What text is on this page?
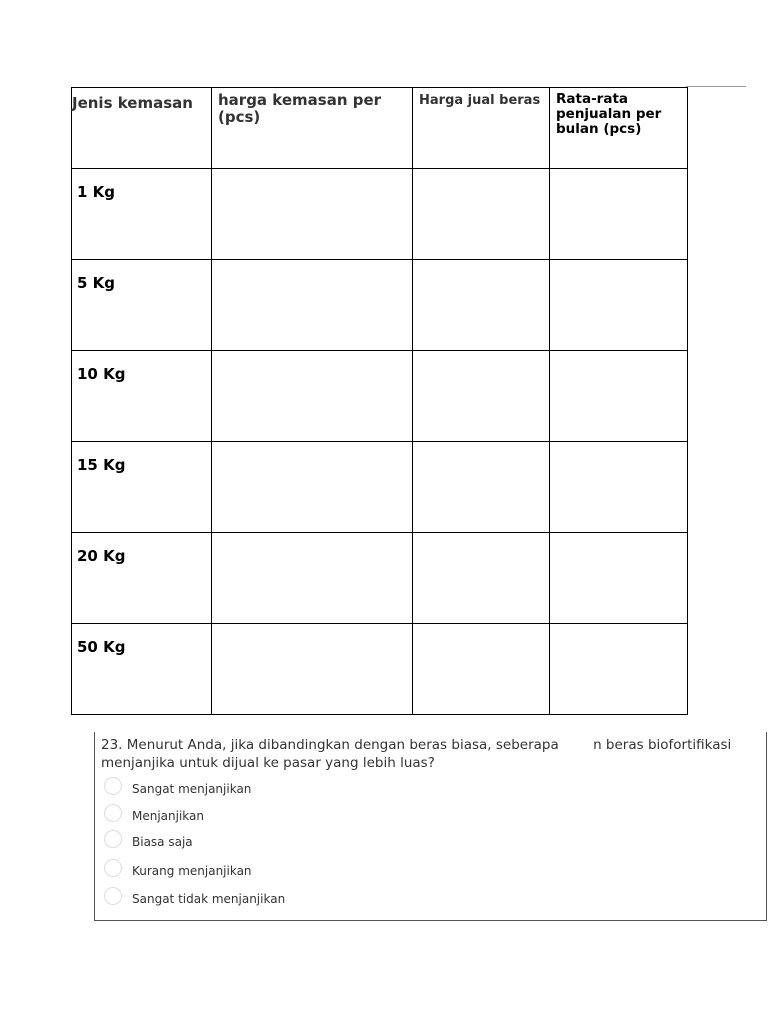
Jenis kemasan	harga kemasan per (pcs)	Harga jual beras	Rata-rata penjualan per bulan (pcs)

1 Kg			

5 Kg			

10 Kg			

15 Kg			

20 Kg			

50 Kg			

23. Menurut Anda, jika dibandingkan dengan beras biasa, seberapa        n beras biofortifikasi menjanjika untuk dijual ke pasar yang lebih luas?
Sangat menjanjikan
Menjanjikan
Biasa saja
Kurang menjanjikan
Sangat tidak menjanjikan
